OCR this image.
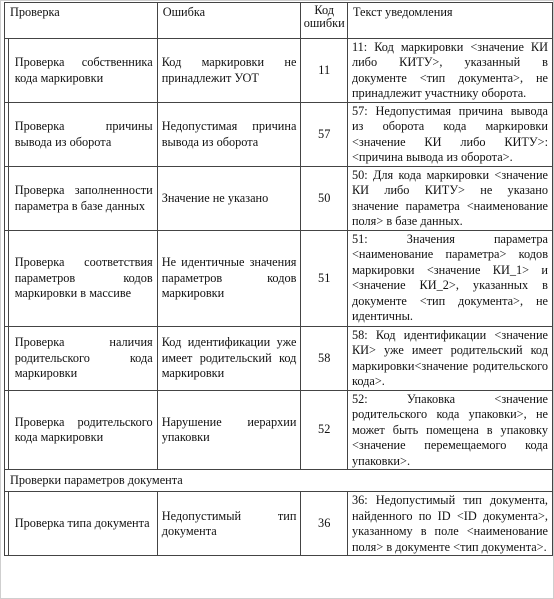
Проверка		Ошибка	Код ошибки	Текст уведомления

	Проверка собственника кода маркировки	Код маркировки не принадлежит УОТ	11	11: Код маркировки <значение КИ либо КИТУ>, указанный в документе <тип документа>, не принадлежит участнику оборота.

	Проверка причины вывода из оборота	Недопустимая причина вывода из оборота	57	57: Недопустимая причина вывода из оборота кода маркировки <значение КИ либо КИТУ>: <причина вывода из оборота>.

	Проверка заполненности параметра в базе данных	Значение не указано	50	50: Для кода маркировки <значение КИ либо КИТУ> не указано значение параметра <наименование поля> в базе данных.

	Проверка соответствия параметров кодов маркировки в массиве	Не идентичные значения параметров кодов маркировки	51	51: Значения параметра <наименование параметра> кодов маркировки <значение КИ_1> и <значение КИ_2>, указанных в документе <тип документа>, не идентичны.

	Проверка наличия родительского кода маркировки	Код идентификации уже имеет родительский код маркировки	58	58: Код идентификации <значение КИ> уже имеет родительский код маркировки<значение родительского кода>.

	Проверка родительского кода маркировки	Нарушение иерархии упаковки	52	52: Упаковка <значение родительского кода упаковки>, не может быть помещена в упаковку <значение перемещаемого кода упаковки>.

Проверки параметров документа				

	Проверка типа документа	Недопустимый тип документа	36	36: Недопустимый тип документа, найденного по ID <ID документа>, указанному в поле <наименование поля> в документе <тип документа>.
